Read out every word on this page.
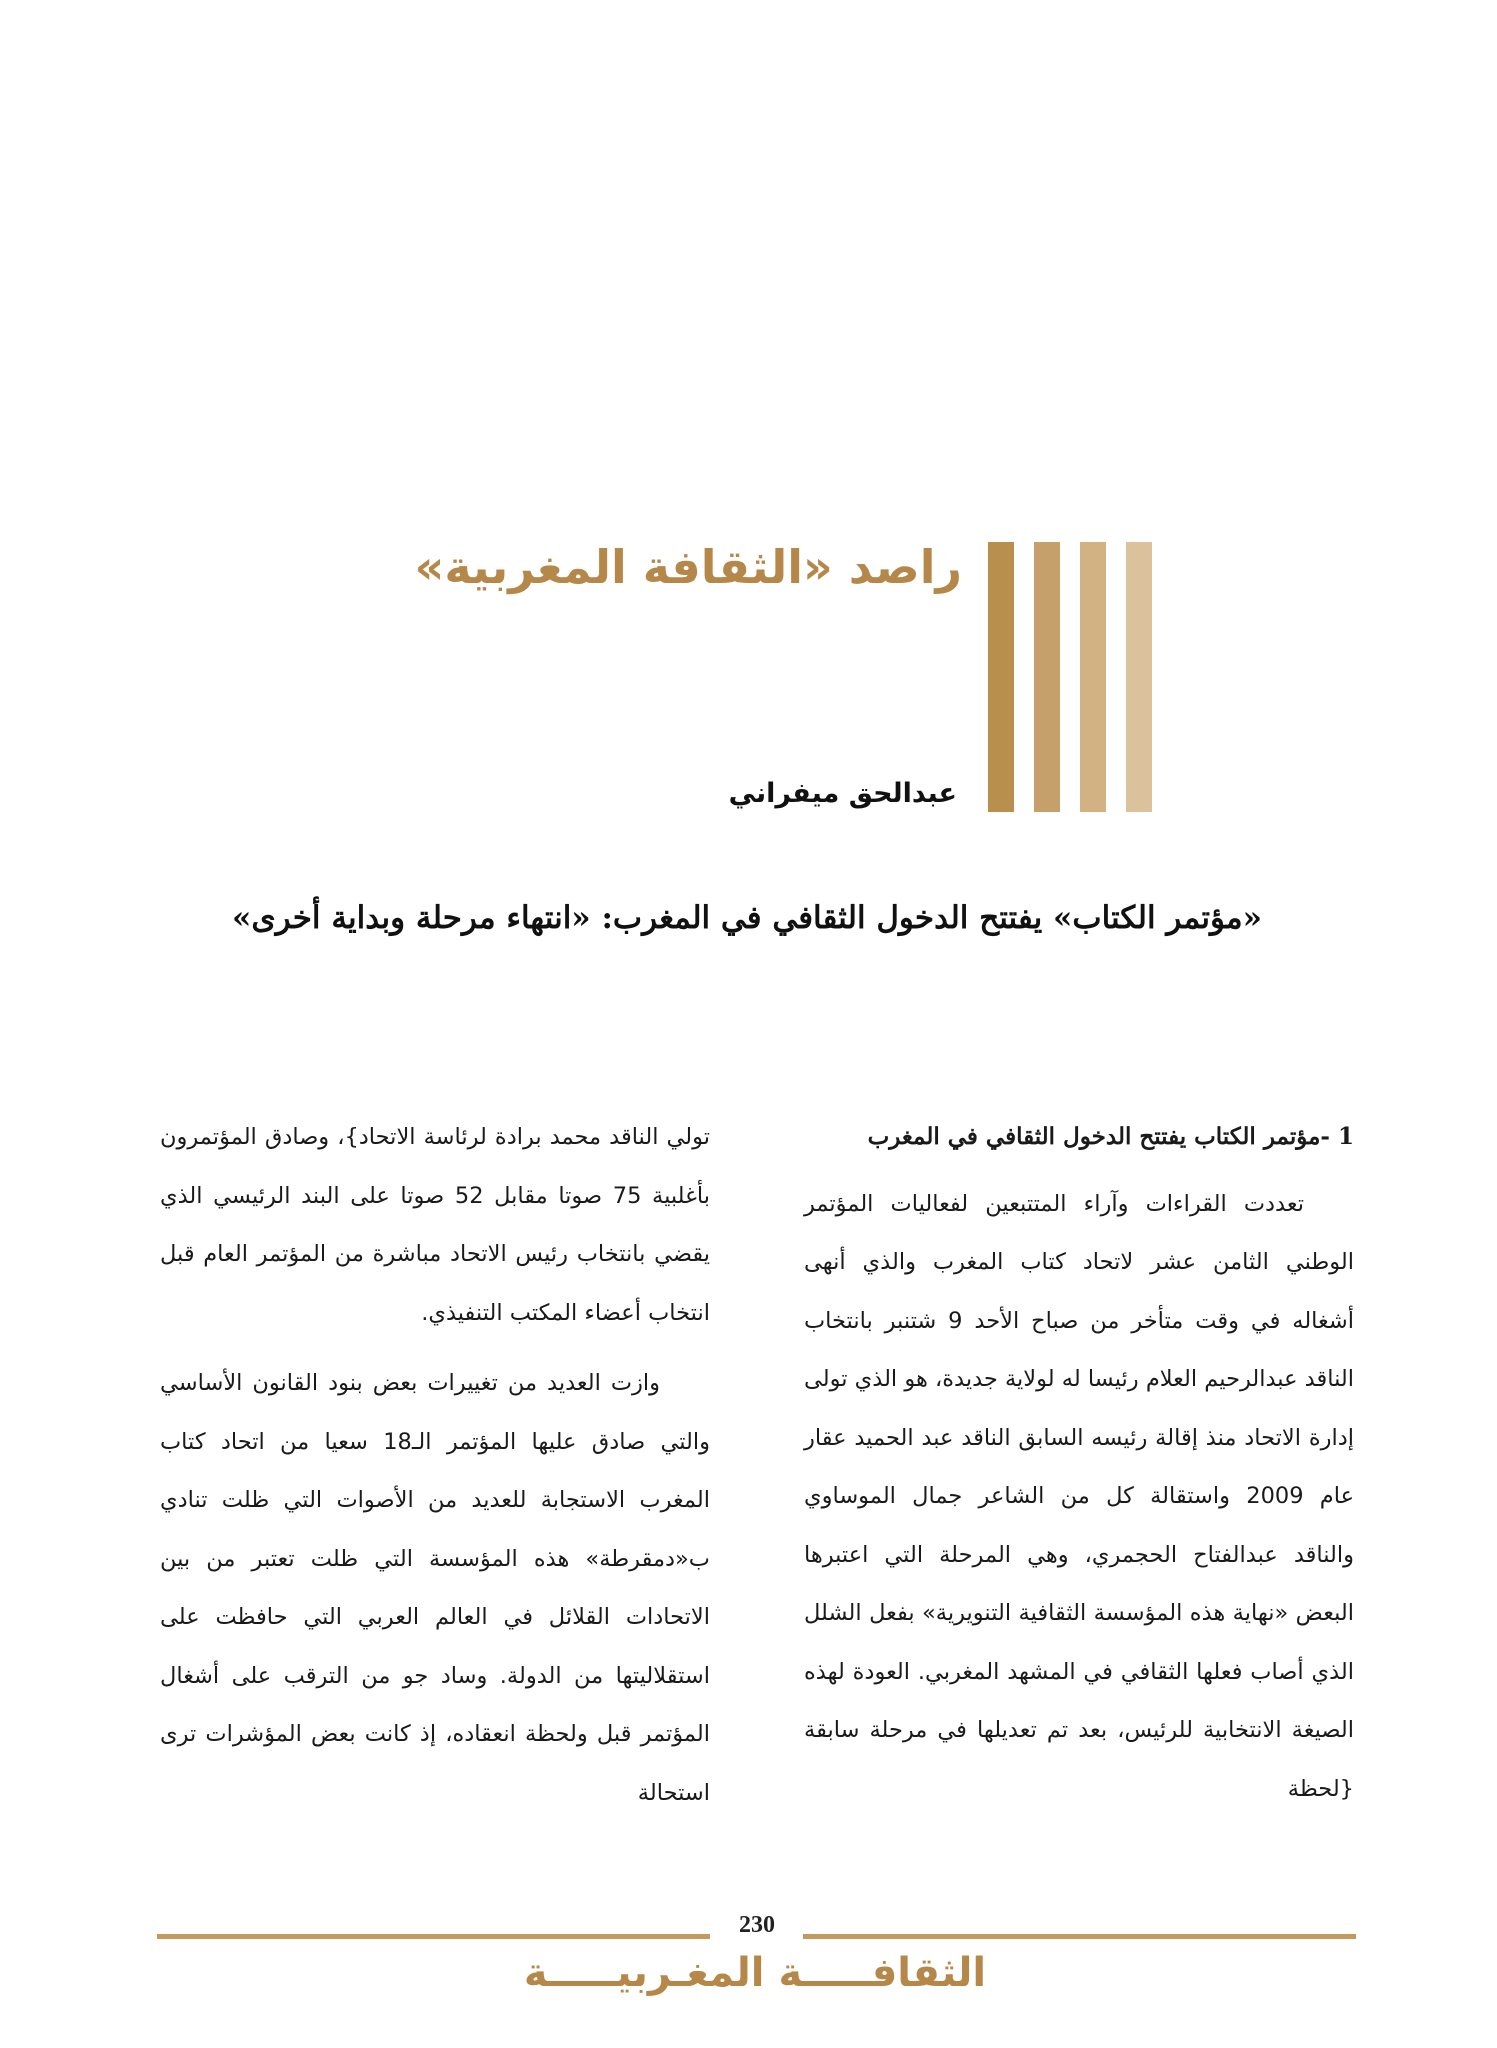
راصد «الثقافة المغربية»
عبدالحق ميفراني
«مؤتمر الكتاب» يفتتح الدخول الثقافي في المغرب: «انتهاء مرحلة وبداية أخرى»

1 -مؤتمر الكتاب يفتتح الدخول الثقافي في المغرب

تعددت القراءات وآراء المتتبعين لفعاليات المؤتمر الوطني الثامن عشر لاتحاد كتاب المغرب والذي أنهى أشغاله في وقت متأخر من صباح الأحد 9 شتنبر بانتخاب الناقد عبدالرحيم العلام رئيسا له لولاية جديدة، هو الذي تولى إدارة الاتحاد منذ إقالة رئيسه السابق الناقد عبد الحميد عقار عام 2009 واستقالة كل من الشاعر جمال الموساوي والناقد عبدالفتاح الحجمري، وهي المرحلة التي اعتبرها البعض «نهاية هذه المؤسسة الثقافية التنويرية» بفعل الشلل الذي أصاب فعلها الثقافي في المشهد المغربي. العودة لهذه الصيغة الانتخابية للرئيس، بعد تم تعديلها في مرحلة سابقة {لحظة

تولي الناقد محمد برادة لرئاسة الاتحاد}، وصادق المؤتمرون بأغلبية 75 صوتا مقابل 52 صوتا على البند الرئيسي الذي يقضي بانتخاب رئيس الاتحاد مباشرة من المؤتمر العام قبل انتخاب أعضاء المكتب التنفيذي.

وازت العديد من تغييرات بعض بنود القانون الأساسي والتي صادق عليها المؤتمر الـ18 سعيا من اتحاد كتاب المغرب الاستجابة للعديد من الأصوات التي ظلت تنادي ب«دمقرطة» هذه المؤسسة التي ظلت تعتبر من بين الاتحادات القلائل في العالم العربي التي حافظت على استقلاليتها من الدولة. وساد جو من الترقب على أشغال المؤتمر قبل ولحظة انعقاده، إذ كانت بعض المؤشرات ترى استحالة

230
الثقافـــــة المغـربيـــــة
